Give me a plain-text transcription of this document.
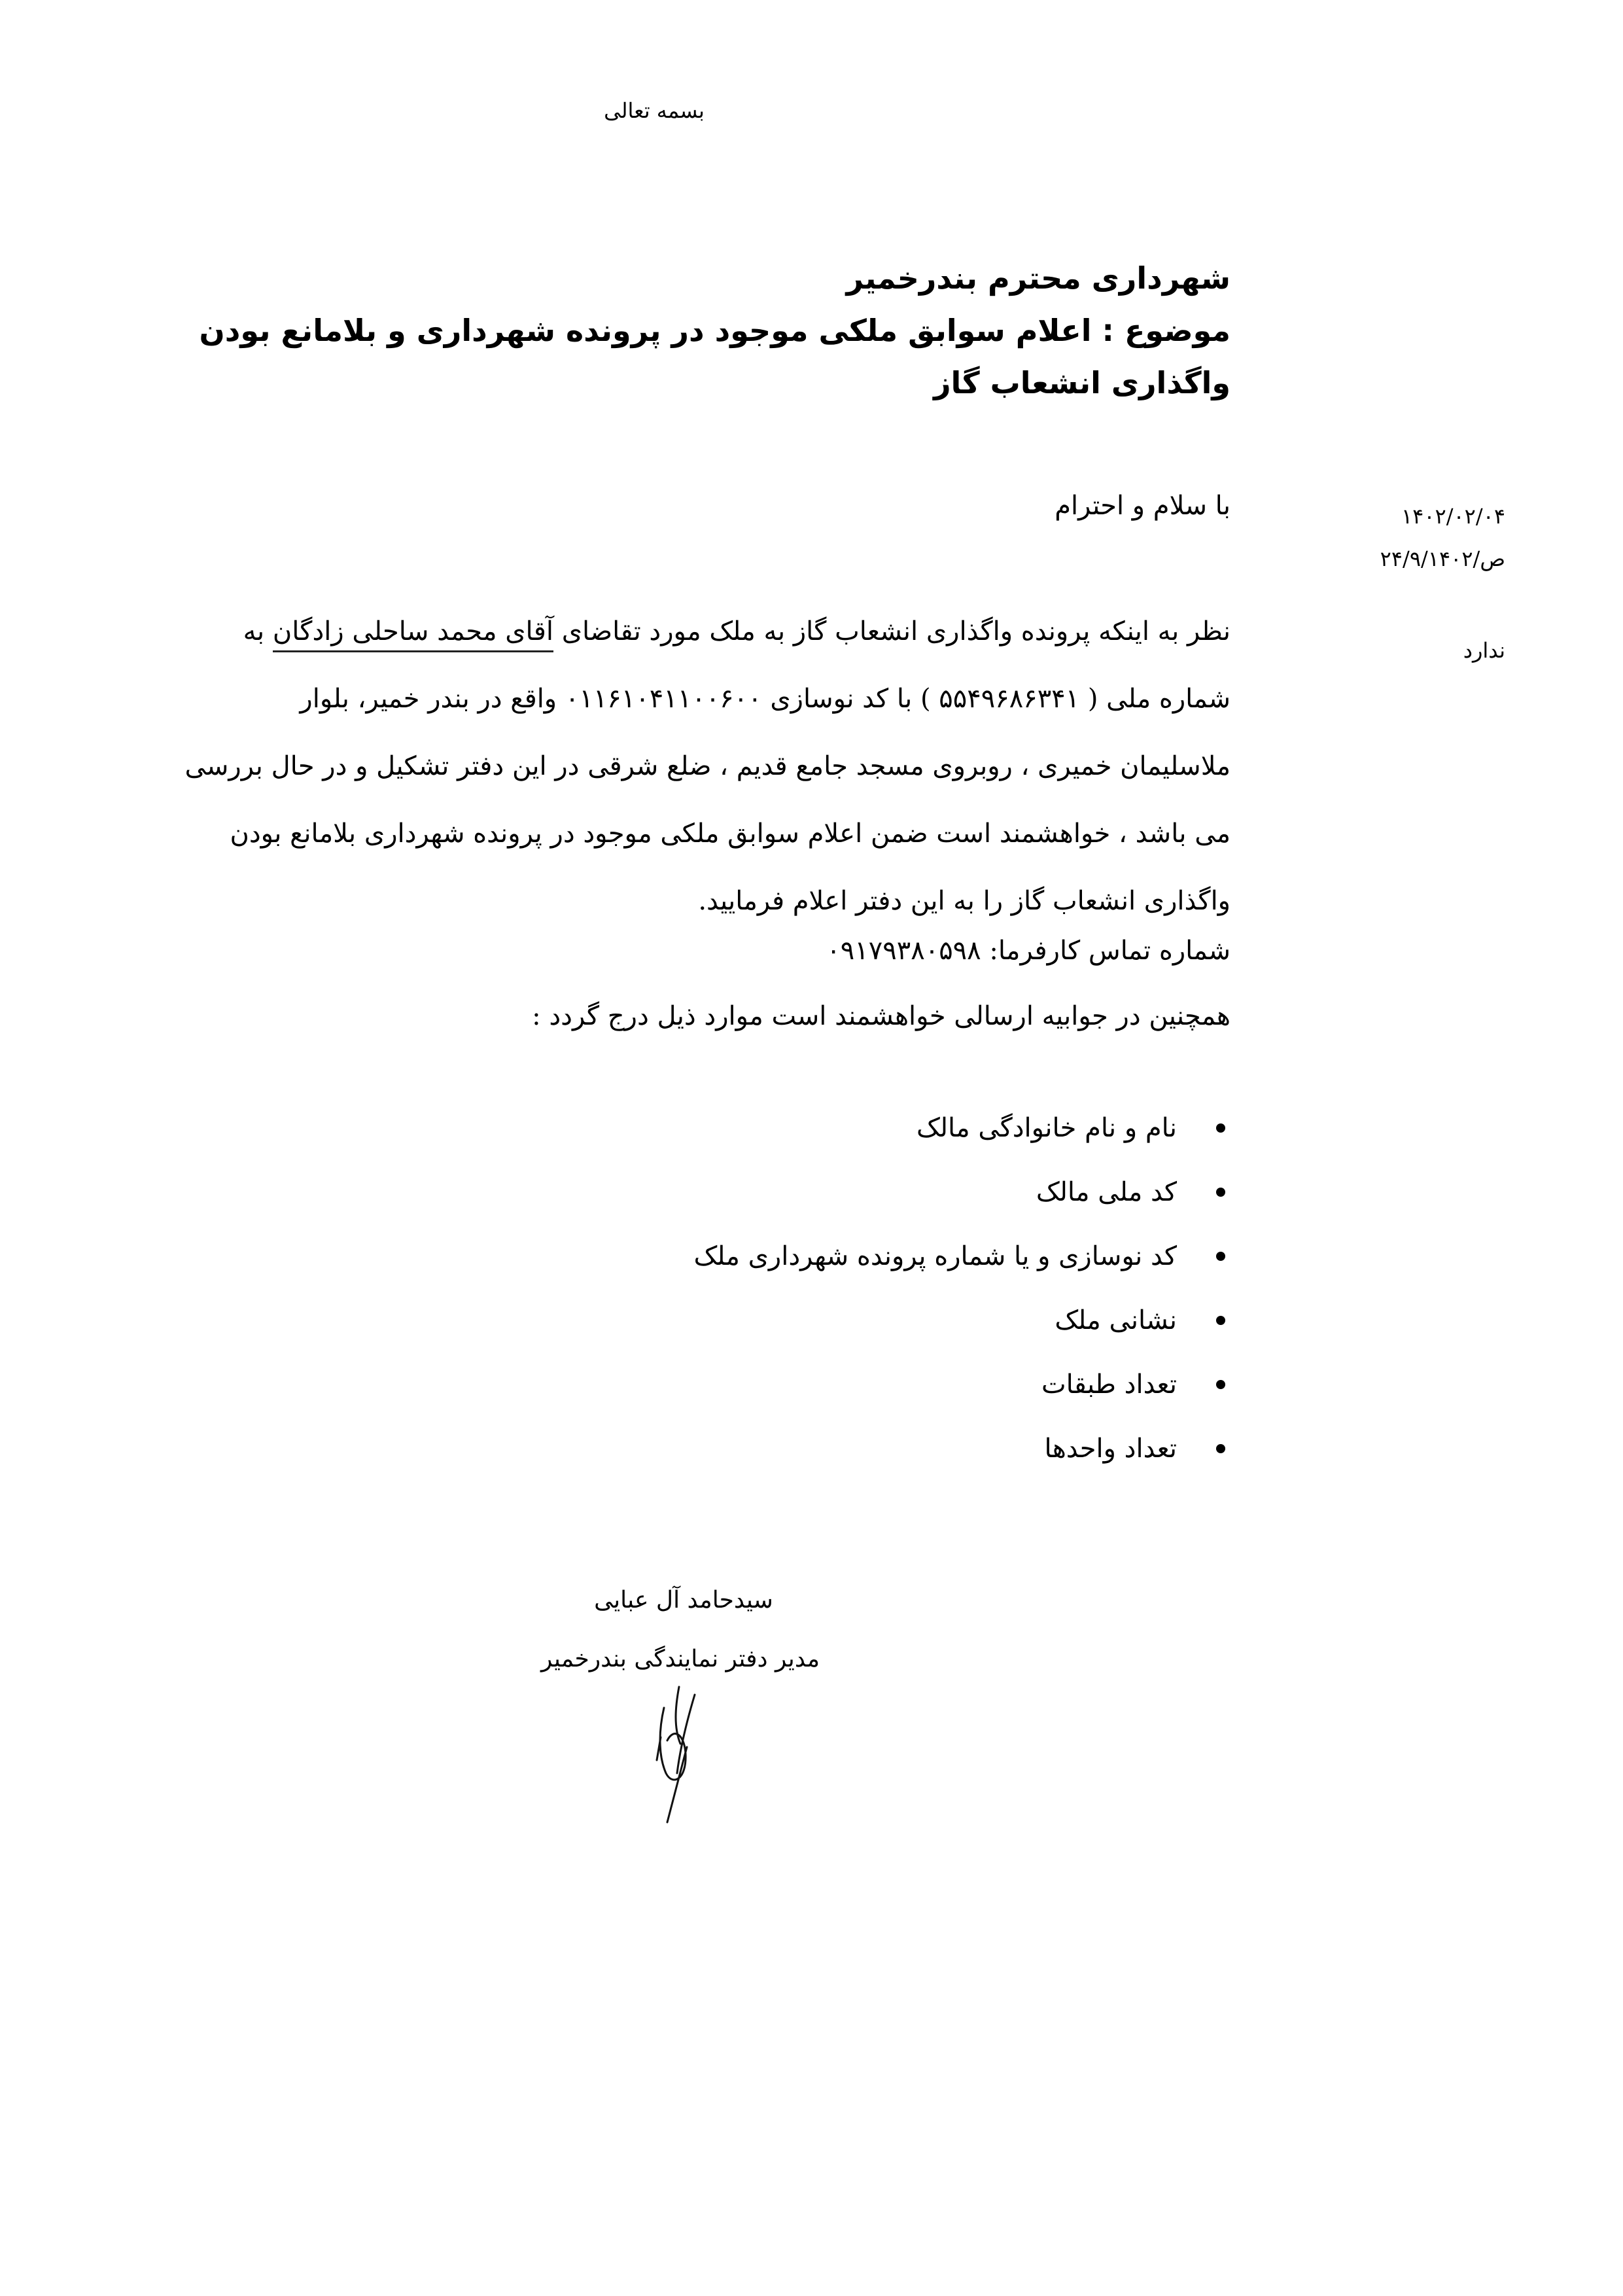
بسمه تعالی
شهرداری محترم بندرخمیر
موضوع : اعلام سوابق ملکی موجود در پرونده شهرداری و بلامانع بودن واگذاری انشعاب گاز
۱۴۰۲/۰۲/۰۴
ص/۲۴/۹/۱۴۰۲
ندارد
با سلام و احترام
نظر به اینکه پرونده واگذاری انشعاب گاز به ملک مورد تقاضای آقای محمد ساحلی زادگان به
شماره ملی ( ۵۵۴۹۶۸۶۳۴۱ ) با کد نوسازی ۰۱۱۶۱۰۴۱۱۰۰۶۰۰ واقع در بندر خمیر، بلوار
ملاسلیمان خمیری ، روبروی مسجد جامع قدیم ، ضلع شرقی در این دفتر تشکیل و در حال بررسی
می باشد ، خواهشمند است ضمن اعلام سوابق ملکی موجود در پرونده شهرداری بلامانع بودن
واگذاری انشعاب گاز را به این دفتر اعلام فرمایید.
شماره تماس کارفرما: ۰۹۱۷۹۳۸۰۵۹۸
همچنین در جوابیه ارسالی خواهشمند است موارد ذیل درج گردد :
نام و نام خانوادگی مالک
کد ملی مالک
کد نوسازی و یا شماره پرونده شهرداری ملک
نشانی ملک
تعداد طبقات
تعداد واحدها
سیدحامد آل عبایی
مدیر دفتر نمایندگی بندرخمیر
